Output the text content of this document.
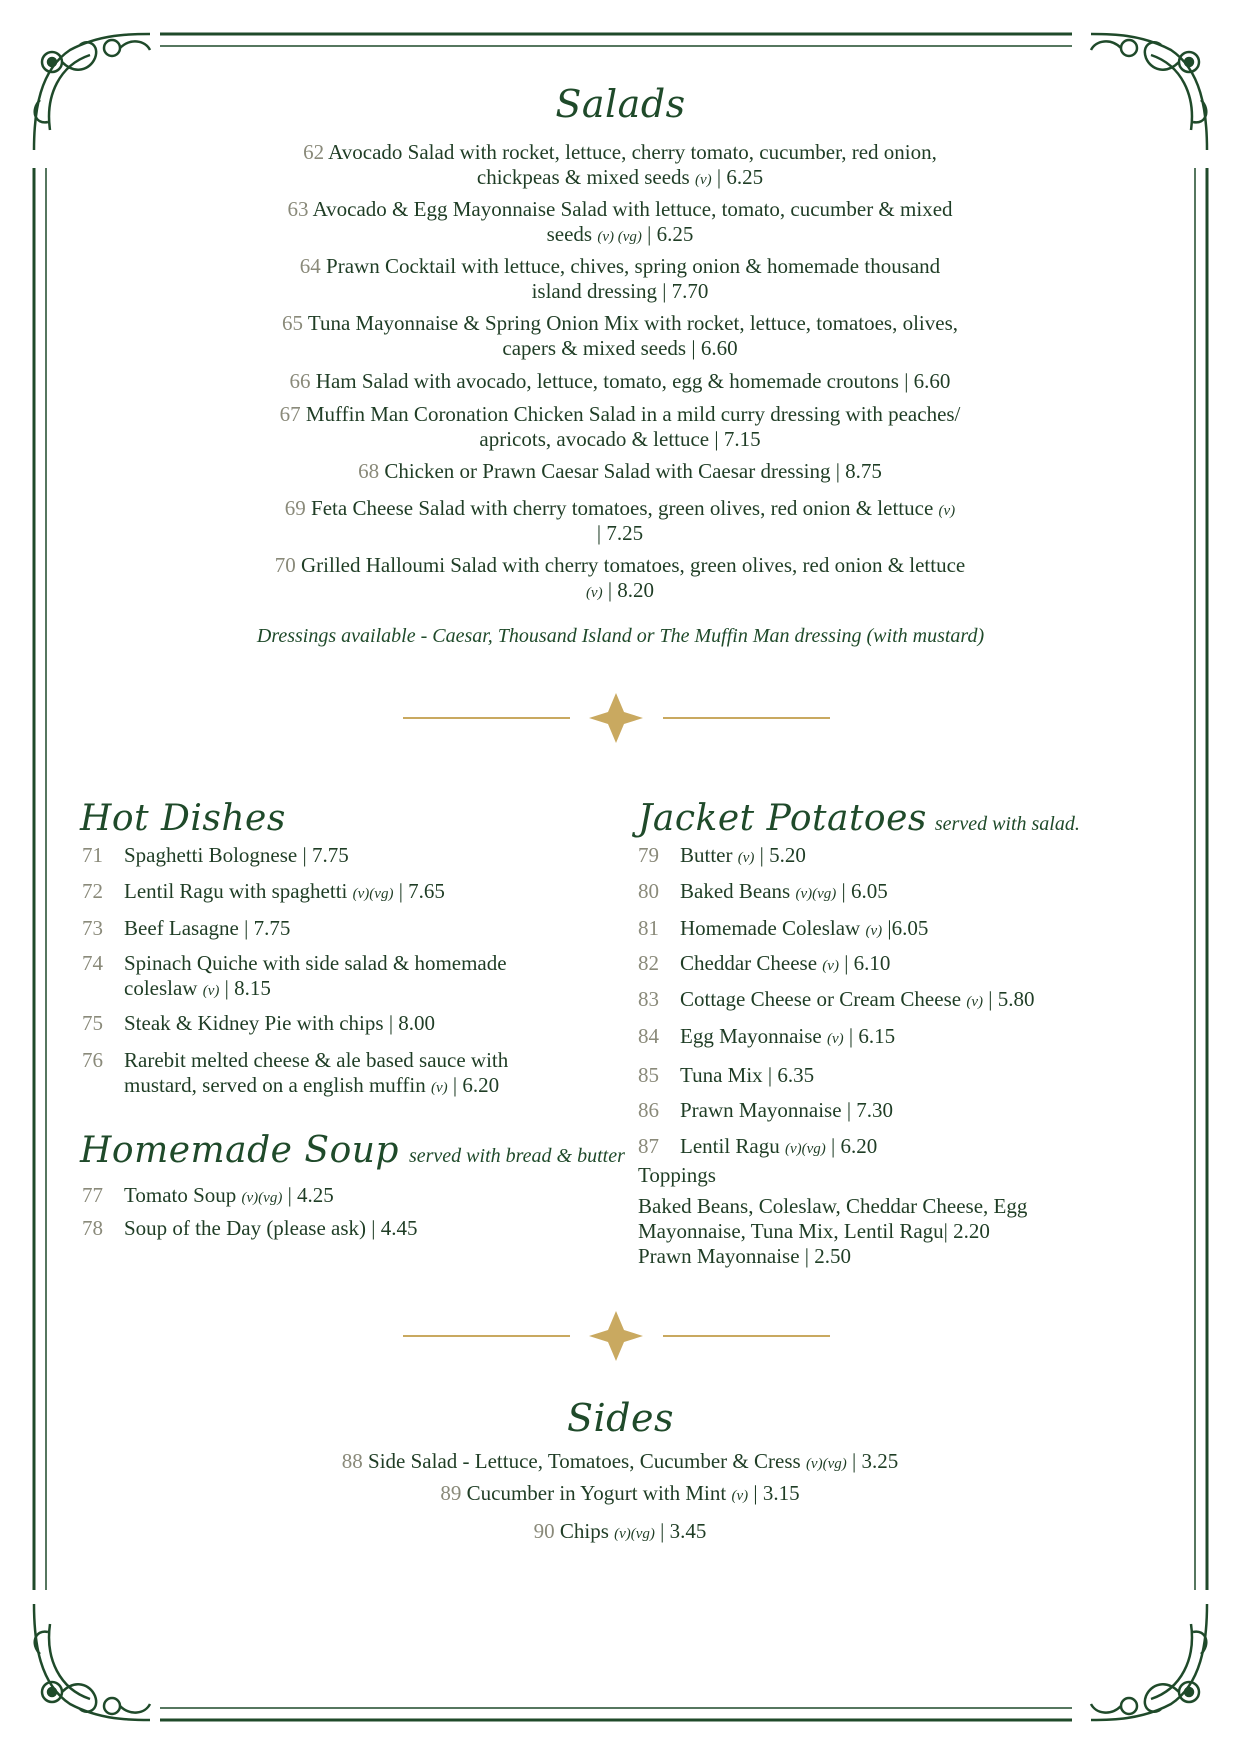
Salads
62 Avocado Salad with rocket, lettuce, cherry tomato, cucumber, red onion,
chickpeas & mixed seeds (v) | 6.25
63 Avocado & Egg Mayonnaise Salad with lettuce, tomato, cucumber & mixed
seeds (v) (vg) | 6.25
64 Prawn Cocktail with lettuce, chives, spring onion & homemade thousand
island dressing | 7.70
65 Tuna Mayonnaise & Spring Onion Mix with rocket, lettuce, tomatoes, olives,
capers & mixed seeds | 6.60
66 Ham Salad with avocado, lettuce, tomato, egg & homemade croutons | 6.60
67 Muffin Man Coronation Chicken Salad in a mild curry dressing with peaches/
apricots, avocado & lettuce | 7.15
68 Chicken or Prawn Caesar Salad with Caesar dressing | 8.75
69 Feta Cheese Salad with cherry tomatoes, green olives, red onion & lettuce (v)
| 7.25
70 Grilled Halloumi Salad with cherry tomatoes, green olives, red onion & lettuce
(v) | 8.20
Dressings available - Caesar, Thousand Island or The Muffin Man dressing (with mustard)
Hot Dishes
71	Spaghetti Bolognese | 7.75
72	Lentil Ragu with spaghetti (v)(vg) | 7.65
73	Beef Lasagne | 7.75
74	Spinach Quiche with side salad & homemade
coleslaw (v) | 8.15
75	Steak & Kidney Pie with chips | 8.00
76	Rarebit melted cheese & ale based sauce with
mustard, served on a english muffin (v) | 6.20
Homemade Soup served with bread & butter
77	Tomato Soup (v)(vg) | 4.25
78	Soup of the Day (please ask) | 4.45
Jacket Potatoes served with salad.
79	Butter (v) | 5.20
80	Baked Beans (v)(vg) | 6.05
81	Homemade Coleslaw (v) |6.05
82	Cheddar Cheese (v) | 6.10
83	Cottage Cheese or Cream Cheese (v) | 5.80
84	Egg Mayonnaise (v) | 6.15
85	Tuna Mix | 6.35
86	Prawn Mayonnaise | 7.30
87	Lentil Ragu (v)(vg) | 6.20
Toppings
Baked Beans, Coleslaw, Cheddar Cheese, Egg
Mayonnaise, Tuna Mix, Lentil Ragu| 2.20
Prawn Mayonnaise | 2.50
Sides
88 Side Salad - Lettuce, Tomatoes, Cucumber & Cress (v)(vg) | 3.25
89 Cucumber in Yogurt with Mint (v) | 3.15
90 Chips (v)(vg) | 3.45
